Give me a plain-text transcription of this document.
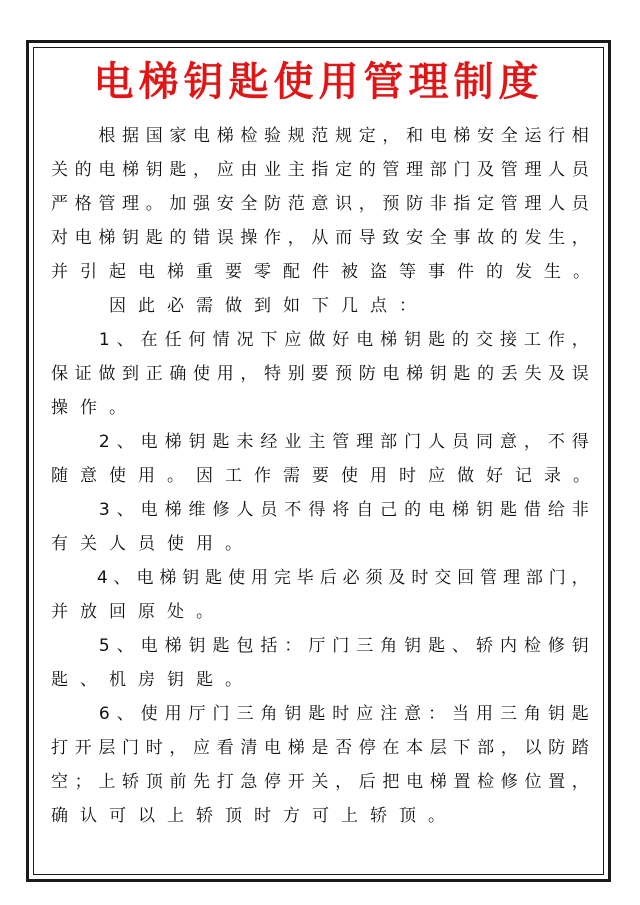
电梯钥匙使用管理制度

根 据 国 家 电 梯 检 验 规 范 规 定 ， 和 电 梯 安 全 运 行 相
关 的 电 梯 钥 匙 ， 应 由 业 主 指 定 的 管 理 部 门 及 管 理 人 员
严 格 管 理 。 加 强 安 全 防 范 意 识 ， 预 防 非 指 定 管 理 人 员
对 电 梯 钥 匙 的 错 误 操 作 ， 从 而 导 致 安 全 事 故 的 发 生 ，
并 引 起 电 梯 重 要 零 配 件 被 盗 等 事 件 的 发 生 。

因 此 必 需 做 到 如 下 几 点 ：

1 、 在 任 何 情 况 下 应 做 好 电 梯 钥 匙 的 交 接 工 作 ，
保 证 做 到 正 确 使 用 ， 特 别 要 预 防 电 梯 钥 匙 的 丢 失 及 误
操 作 。

2 、 电 梯 钥 匙 未 经 业 主 管 理 部 门 人 员 同 意 ， 不 得
随 意 使 用 。 因 工 作 需 要 使 用 时 应 做 好 记 录 。

3 、 电 梯 维 修 人 员 不 得 将 自 己 的 电 梯 钥 匙 借 给 非
有 关 人 员 使 用 。

4 、 电 梯 钥 匙 使 用 完 毕 后 必 须 及 时 交 回 管 理 部 门 ，
并 放 回 原 处 。

5 、 电 梯 钥 匙 包 括 ： 厅 门 三 角 钥 匙 、 轿 内 检 修 钥
匙 、 机 房 钥 匙 。

6 、 使 用 厅 门 三 角 钥 匙 时 应 注 意 ： 当 用 三 角 钥 匙
打 开 层 门 时 ， 应 看 清 电 梯 是 否 停 在 本 层 下 部 ， 以 防 踏
空 ； 上 轿 顶 前 先 打 急 停 开 关 ， 后 把 电 梯 置 检 修 位 置 ，
确 认 可 以 上 轿 顶 时 方 可 上 轿 顶 。
